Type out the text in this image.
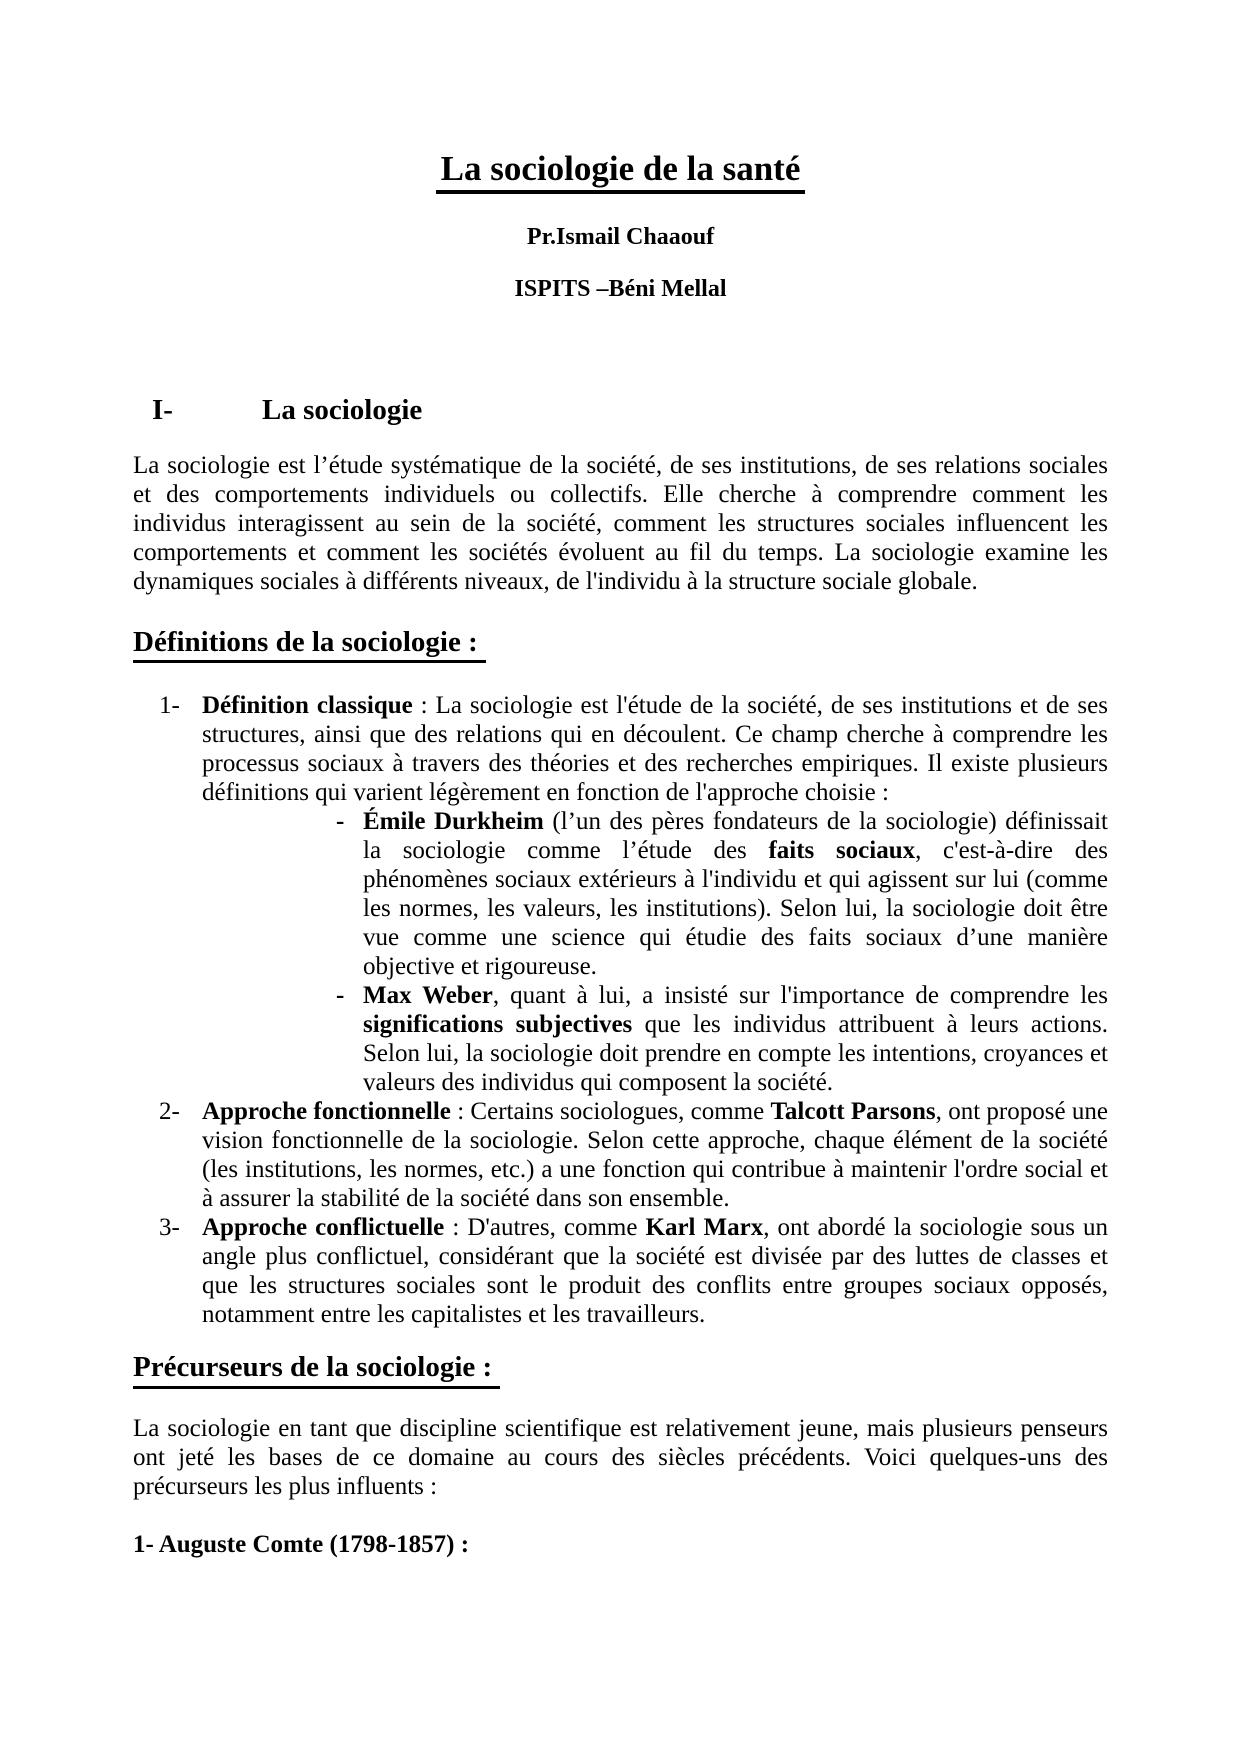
La sociologie de la santé
Pr.Ismail Chaaouf
ISPITS –Béni Mellal
I-	La sociologie

La sociologie est l’étude systématique de la société, de ses institutions, de ses relations sociales et des comportements individuels ou collectifs. Elle cherche à comprendre comment les individus interagissent au sein de la société, comment les structures sociales influencent les comportements et comment les sociétés évoluent au fil du temps. La sociologie examine les dynamiques sociales à différents niveaux, de l'individu à la structure sociale globale.

Définitions de la sociologie :
1- Définition classique : La sociologie est l'étude de la société, de ses institutions et de ses structures, ainsi que des relations qui en découlent. Ce champ cherche à comprendre les processus sociaux à travers des théories et des recherches empiriques. Il existe plusieurs définitions qui varient légèrement en fonction de l'approche choisie :
- Émile Durkheim (l’un des pères fondateurs de la sociologie) définissait la sociologie comme l’étude des faits sociaux, c'est-à-dire des phénomènes sociaux extérieurs à l'individu et qui agissent sur lui (comme les normes, les valeurs, les institutions). Selon lui, la sociologie doit être vue comme une science qui étudie des faits sociaux d’une manière objective et rigoureuse.
- Max Weber, quant à lui, a insisté sur l'importance de comprendre les significations subjectives que les individus attribuent à leurs actions. Selon lui, la sociologie doit prendre en compte les intentions, croyances et valeurs des individus qui composent la société.
2- Approche fonctionnelle : Certains sociologues, comme Talcott Parsons, ont proposé une vision fonctionnelle de la sociologie. Selon cette approche, chaque élément de la société (les institutions, les normes, etc.) a une fonction qui contribue à maintenir l'ordre social et à assurer la stabilité de la société dans son ensemble.
3- Approche conflictuelle : D'autres, comme Karl Marx, ont abordé la sociologie sous un angle plus conflictuel, considérant que la société est divisée par des luttes de classes et que les structures sociales sont le produit des conflits entre groupes sociaux opposés, notamment entre les capitalistes et les travailleurs.
Précurseurs de la sociologie :

La sociologie en tant que discipline scientifique est relativement jeune, mais plusieurs penseurs ont jeté les bases de ce domaine au cours des siècles précédents. Voici quelques-uns des précurseurs les plus influents :

1- Auguste Comte (1798-1857) :
